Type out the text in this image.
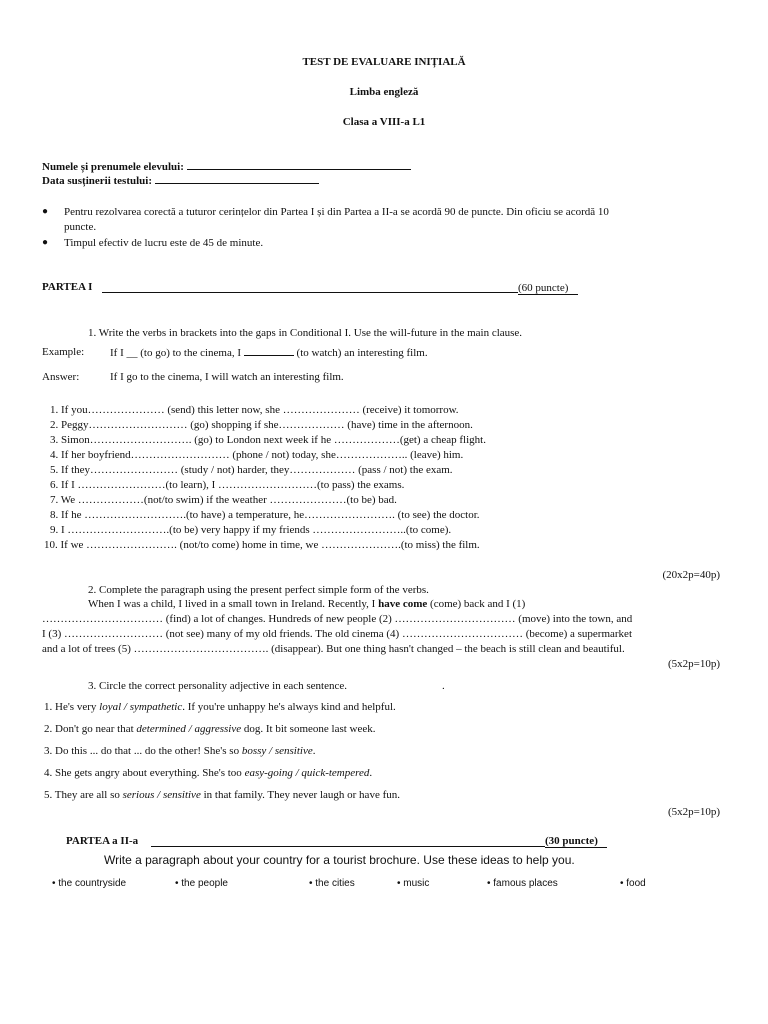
TEST DE EVALUARE INIȚIALĂ
Limba engleză
Clasa a VIII-a L1
Numele și prenumele elevului:
Data susținerii testului:
● Pentru rezolvarea corectă a tuturor cerințelor din Partea I și din Partea a II-a se acordă 90 de puncte. Din oficiu se acordă 10
puncte.
● Timpul efectiv de lucru este de 45 de minute.
PARTEA I	(60 puncte)
1. Write the verbs in brackets into the gaps in Conditional I. Use the will-future in the main clause.
Example: If I __ (to go) to the cinema, I	(to watch) an interesting film.
Answer:	If I go to the cinema, I will watch an interesting film.
1. If you………………… (send) this letter now, she ………………… (receive) it tomorrow.
2. Peggy……………………… (go) shopping if she……………… (have) time in the afternoon.
3. Simon………………………. (go) to London next week if he ………………(get) a cheap flight.
4. If her boyfriend……………………… (phone / not) today, she……………….. (leave) him.
5. If they…………………… (study / not) harder, they……………… (pass / not) the exam.
6. If I ……………………(to learn), I ………………………(to pass) the exams.
7. We ………………(not/to swim) if the weather …………………(to be) bad.
8. If he ……………………….(to have) a temperature, he……………………. (to see) the doctor.
9. I ……………………….(to be) very happy if my friends ……………………..(to come).
10. If we ……………………. (not/to come) home in time, we ………………….(to miss) the film.
(20x2p=40p)
2. Complete the paragraph using the present perfect simple form of the verbs.
When I was a child, I lived in a small town in Ireland. Recently, I have come (come) back and I (1)
…………………………… (find) a lot of changes. Hundreds of new people (2) …………………………… (move) into the town, and
I (3) ……………………… (not see) many of my old friends. The old cinema (4) …………………………… (become) a supermarket
and a lot of trees (5) ………………………………. (disappear). But one thing hasn't changed – the beach is still clean and beautiful.
(5x2p=10p)
3. Circle the correct personality adjective in each sentence.	.
1. He's very loyal / sympathetic. If you're unhappy he's always kind and helpful.
2. Don't go near that determined / aggressive dog. It bit someone last week.
3. Do this ... do that ... do the other! She's so bossy / sensitive.
4. She gets angry about everything. She's too easy-going / quick-tempered.
5. They are all so serious / sensitive in that family. They never laugh or have fun.
(5x2p=10p)
PARTEA a II-a	(30 puncte)
Write a paragraph about your country for a tourist brochure. Use these ideas to help you.
• the countryside	• the people	• the cities	• music	• famous places	• food
